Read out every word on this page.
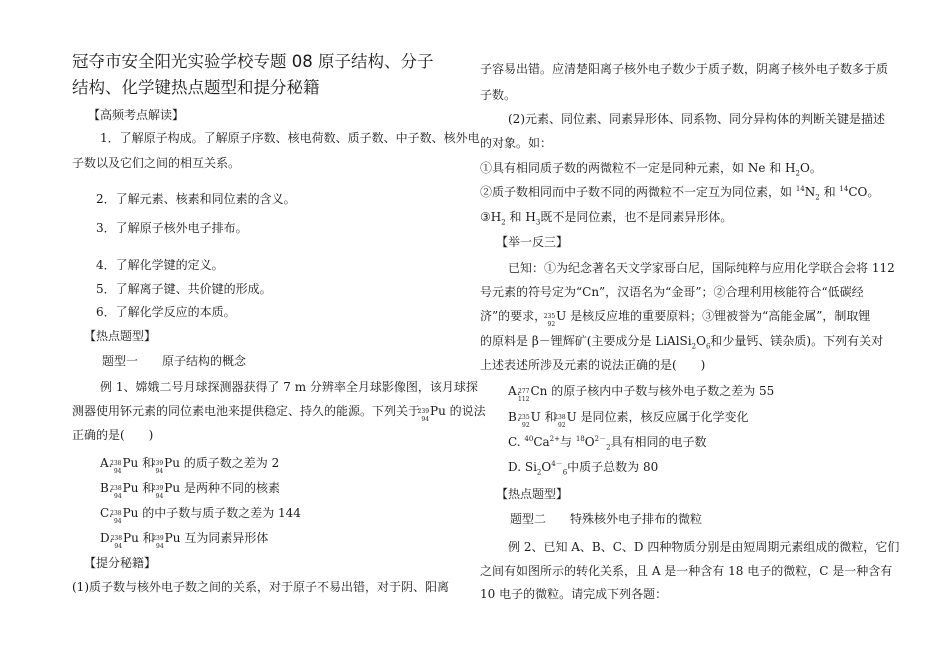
冠夺市安全阳光实验学校专题 08 原子结构、分子
结构、化学键热点题型和提分秘籍
【高频考点解读】
1．了解原子构成。了解原子序数、核电荷数、质子数、中子数、核外电
子数以及它们之间的相互关系。
2．了解元素、核素和同位素的含义。
3．了解原子核外电子排布。
4．了解化学键的定义。
5．了解离子键、共价键的形成。
6．了解化学反应的本质。
【热点题型】
题型一　　原子结构的概念
例 1、嫦娥二号月球探测器获得了 7 m 分辨率全月球影像图，该月球探
测器使用钚元素的同位素电池来提供稳定、持久的能源。下列关于
239
94
Pu 的说法
正确的是(　　)
A.
238
94
Pu 和
239
94
Pu 的质子数之差为 2
B.
238
94
Pu 和
239
94
Pu 是两种不同的核素
C.
238
94
Pu 的中子数与质子数之差为 144
D.
238
94
Pu 和
239
94
Pu 互为同素异形体
【提分秘籍】
(1)质子数与核外电子数之间的关系，对于原子不易出错，对于阴、阳离
子容易出错。应清楚阳离子核外电子数少于质子数，阴离子核外电子数多于质
子数。
(2)元素、同位素、同素异形体、同系物、同分异构体的判断关键是描述
的对象。如：
①具有相同质子数的两微粒不一定是同种元素，如 Ne 和 $H_2O$。
②质子数相同而中子数不同的两微粒不一定互为同位素，如 $^{14}N_2$ 和 $^{14}$CO。
$③H_2$ 和 $H_3$既不是同位素，也不是同素异形体。
【举一反三】
已知：①为纪念著名天文学家哥白尼，国际纯粹与应用化学联合会将 112
号元素的符号定为“Cn”，汉语名为“金哥”；②合理利用核能符合“低碳经
济”的要求，
235
92
U 是核反应堆的重要原料；③锂被誉为“高能金属”，制取锂
的原料是 β－锂辉矿(主要成分是 $LiAlSi_2O_6$和少量钙、镁杂质)。下列有关对
上述表述所涉及元素的说法正确的是(　　)
A.
277
112
Cn 的原子核内中子数与核外电子数之差为 55
B.
235
92
U 和
238
92
U 是同位素，核反应属于化学变化
C. $^{40}Ca^{2+}$与 $^{18}O^{2-}_2$具有相同的电子数
D. $Si_2O^{4-}_6$中质子总数为 80
【热点题型】
题型二　　特殊核外电子排布的微粒
例 2、已知 A、B、C、D 四种物质分别是由短周期元素组成的微粒，它们
之间有如图所示的转化关系，且 A 是一种含有 18 电子的微粒，C 是一种含有
10 电子的微粒。请完成下列各题：
